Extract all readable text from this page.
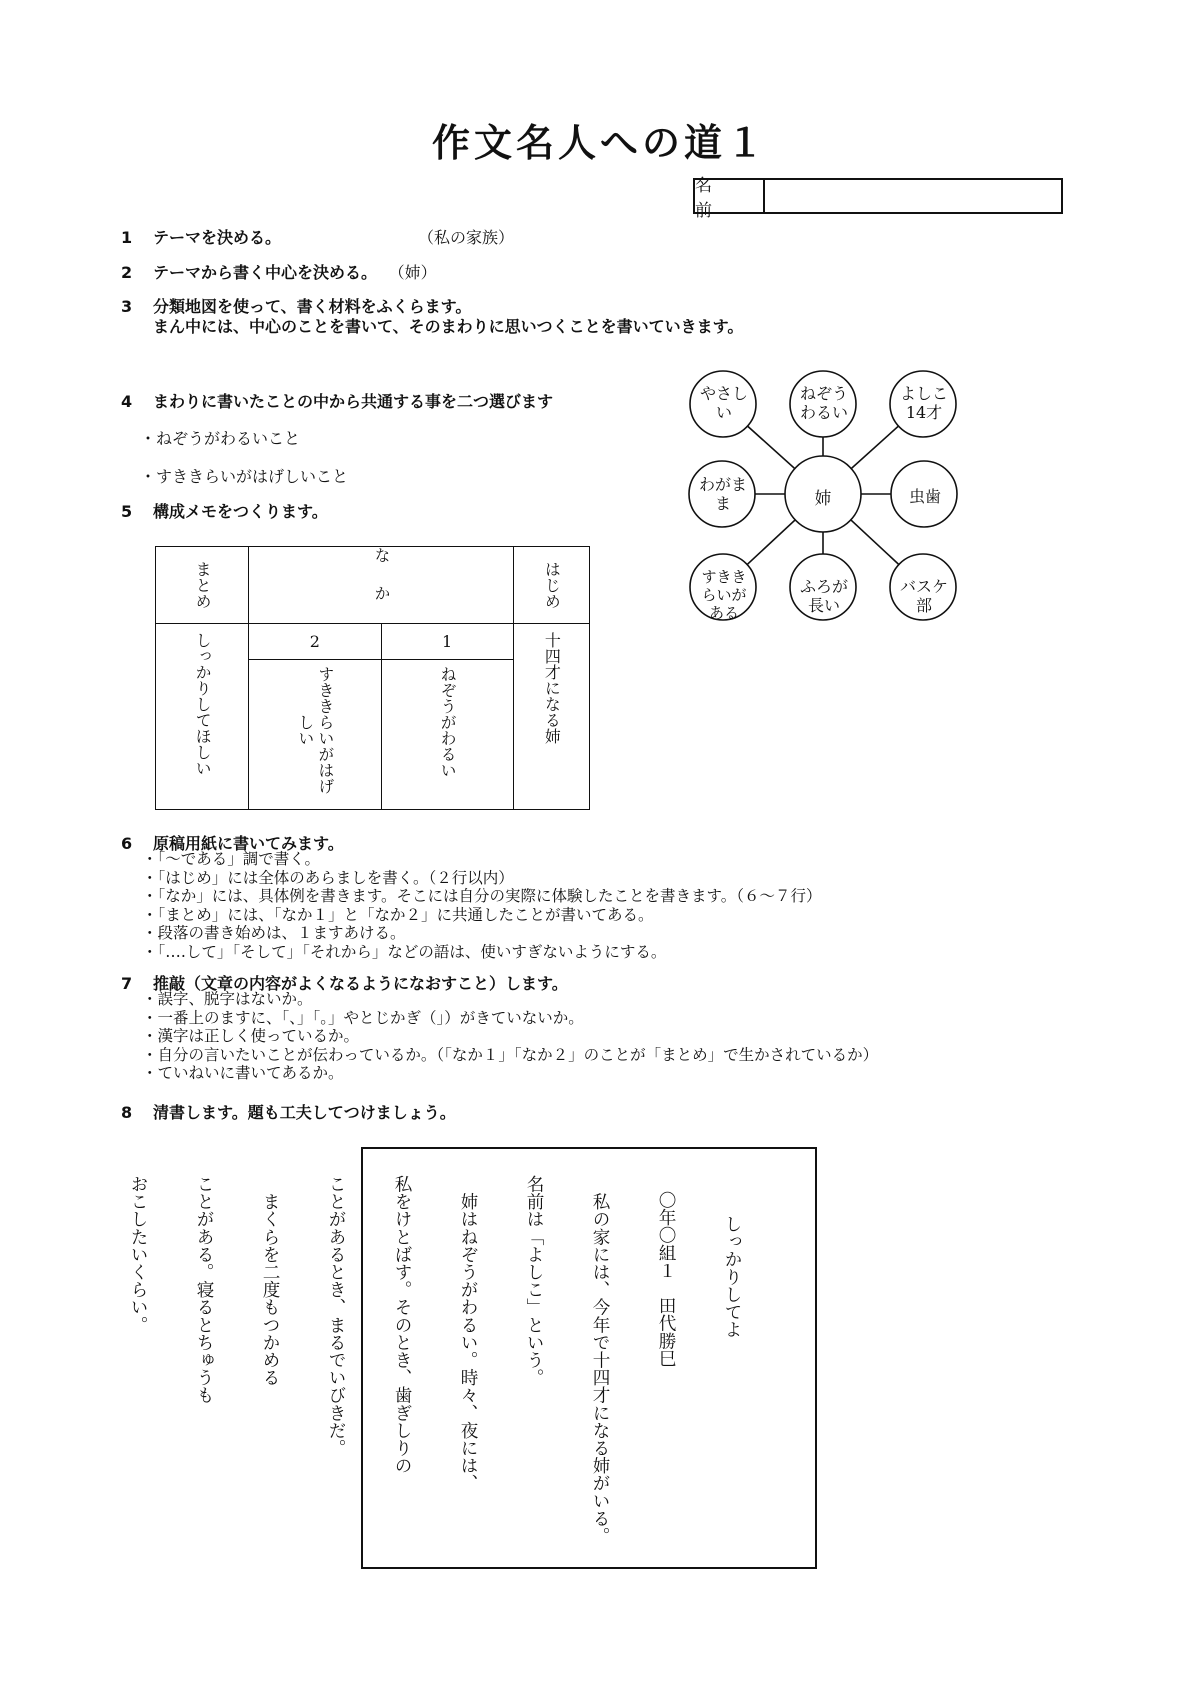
作文名人への道１
名　前
1 テーマを決める。	（私の家族）
2 テーマから書く中心を決める。 （姉）
3 分類地図を使って、書く材料をふくらます。
まん中には、中心のことを書いて、そのまわりに思いつくことを書いていきます。
4 まわりに書いたことの中から共通する事を二つ選びます
・ねぞうがわるいこと
・すききらいがはげしいこと
5 構成メモをつくります。
まとめ	なか		はじめ

しっかりしてほしい	2	1	十四才になる姉

	すききらいがはげしい	ねぞうがわるい	
やさしい
ねぞうわるい
よしこ14才
わがまま	姉	虫歯
すききらいがある
ふろが長い
バスケ部
6 原稿用紙に書いてみます。
・「〜である」調で書く。
・「はじめ」には全体のあらましを書く。（２行以内）
・「なか」には、具体例を書きます。そこには自分の実際に体験したことを書きます。（６〜７行）
・「まとめ」には、「なか１」と「なか２」に共通したことが書いてある。
・段落の書き始めは、１ますあける。
・「‥‥して」「そして」「それから」などの語は、使いすぎないようにする。
7 推敲（文章の内容がよくなるようになおすこと）します。
・誤字、脱字はないか。
・一番上のますに、「、」「。」やとじかぎ（」）がきていないか。
・漢字は正しく使っているか。
・自分の言いたいことが伝わっているか。（「なか１」「なか２」のことが「まとめ」で生かされているか）
・ていねいに書いてあるか。
8 清書します。題も工夫してつけましょう。

しっかりしてよ

〇年〇組１　田代勝巳

　私の家には、今年で十四才になる姉がいる。

名前は「よしこ」という。

　姉はねぞうがわるい。時々、夜には、

私をけとばす。そのとき、歯ぎしりの

ことがあるとき、まるでいびきだ。

　まくらを二度もつかめる

ことがある。寝るとちゅうも

おこしたいくらい。
